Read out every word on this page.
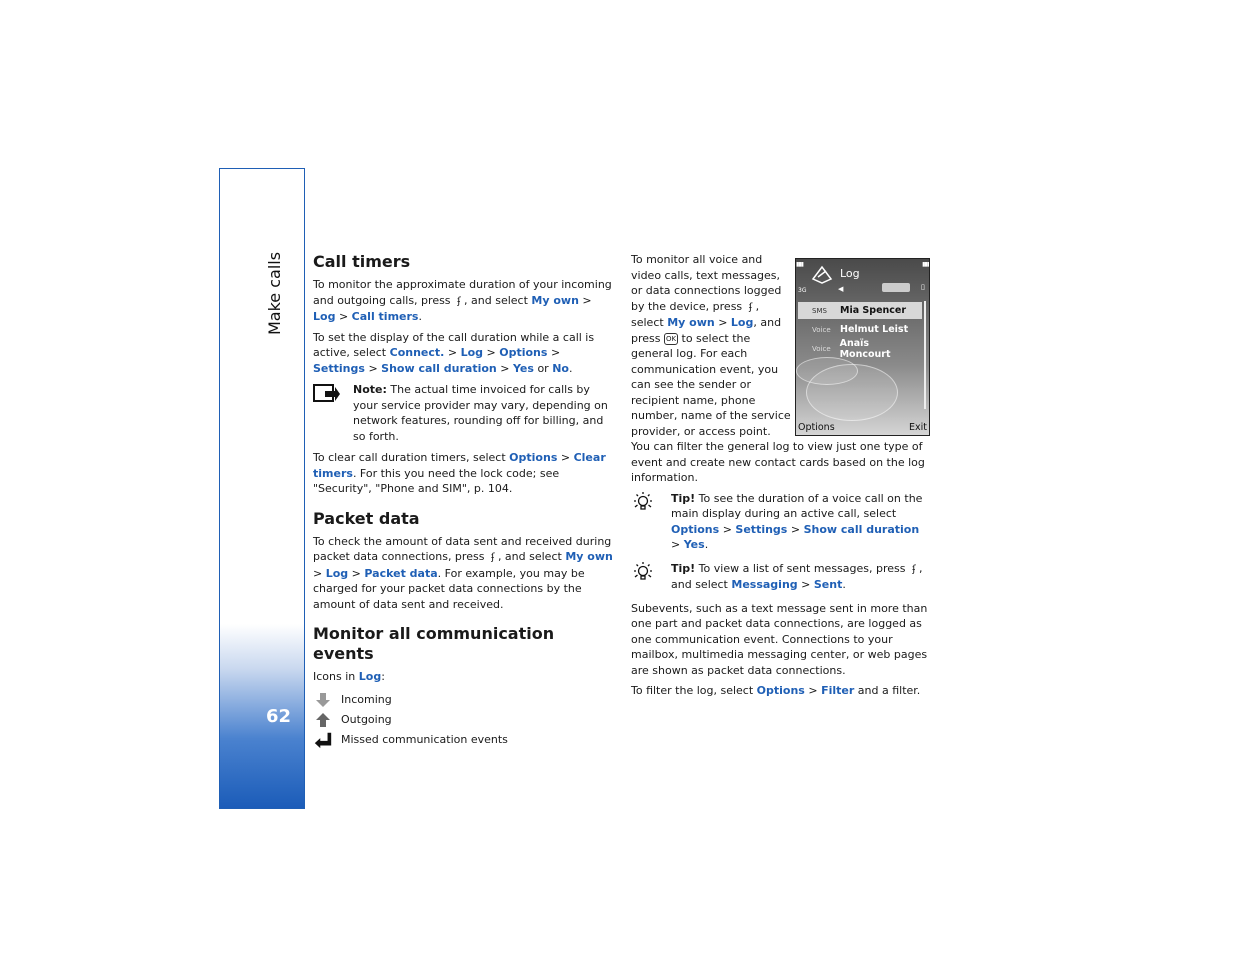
Make calls
62
Call timers

To monitor the approximate duration of your incoming and outgoing calls, press ʄ , and select My own > Log > Call timers.

To set the display of the call duration while a call is active, select Connect. > Log > Options > Settings > Show call duration > Yes or No.

Note: The actual time invoiced for calls by your service provider may vary, depending on network features, rounding off for billing, and so forth.

To clear call duration timers, select Options > Clear timers. For this you need the lock code; see "Security", "Phone and SIM", p. 104.

Packet data

To check the amount of data sent and received during packet data connections, press ʄ , and select My own > Log > Packet data. For example, you may be charged for your packet data connections by the amount of data sent and received.

Monitor all communication events

Icons in Log:

Incoming
Outgoing
Missed communication events

To monitor all voice and video calls, text messages, or data connections logged by the device, press ʄ , select My own > Log, and press OK to select the general log. For each communication event, you can see the sender or recipient name, phone number, name of the service provider, or access point. You can filter the general log to view just one type of event and create new contact cards based on the log information.

Tip! To see the duration of a voice call on the main display during an active call, select Options > Settings > Show call duration > Yes.
Tip! To view a list of sent messages, press ʄ , and select Messaging > Sent.

Subevents, such as a text message sent in more than one part and packet data connections, are logged as one communication event. Connections to your mailbox, multimedia messaging center, or web pages are shown as packet data connections.

To filter the log, select Options > Filter and a filter.

▮▮▮	▮▮▮
Log
3G	◀	▯
SMS	Mia Spencer
Voice Helmut Leist
Voice Anaïs Moncourt
Options	Exit
